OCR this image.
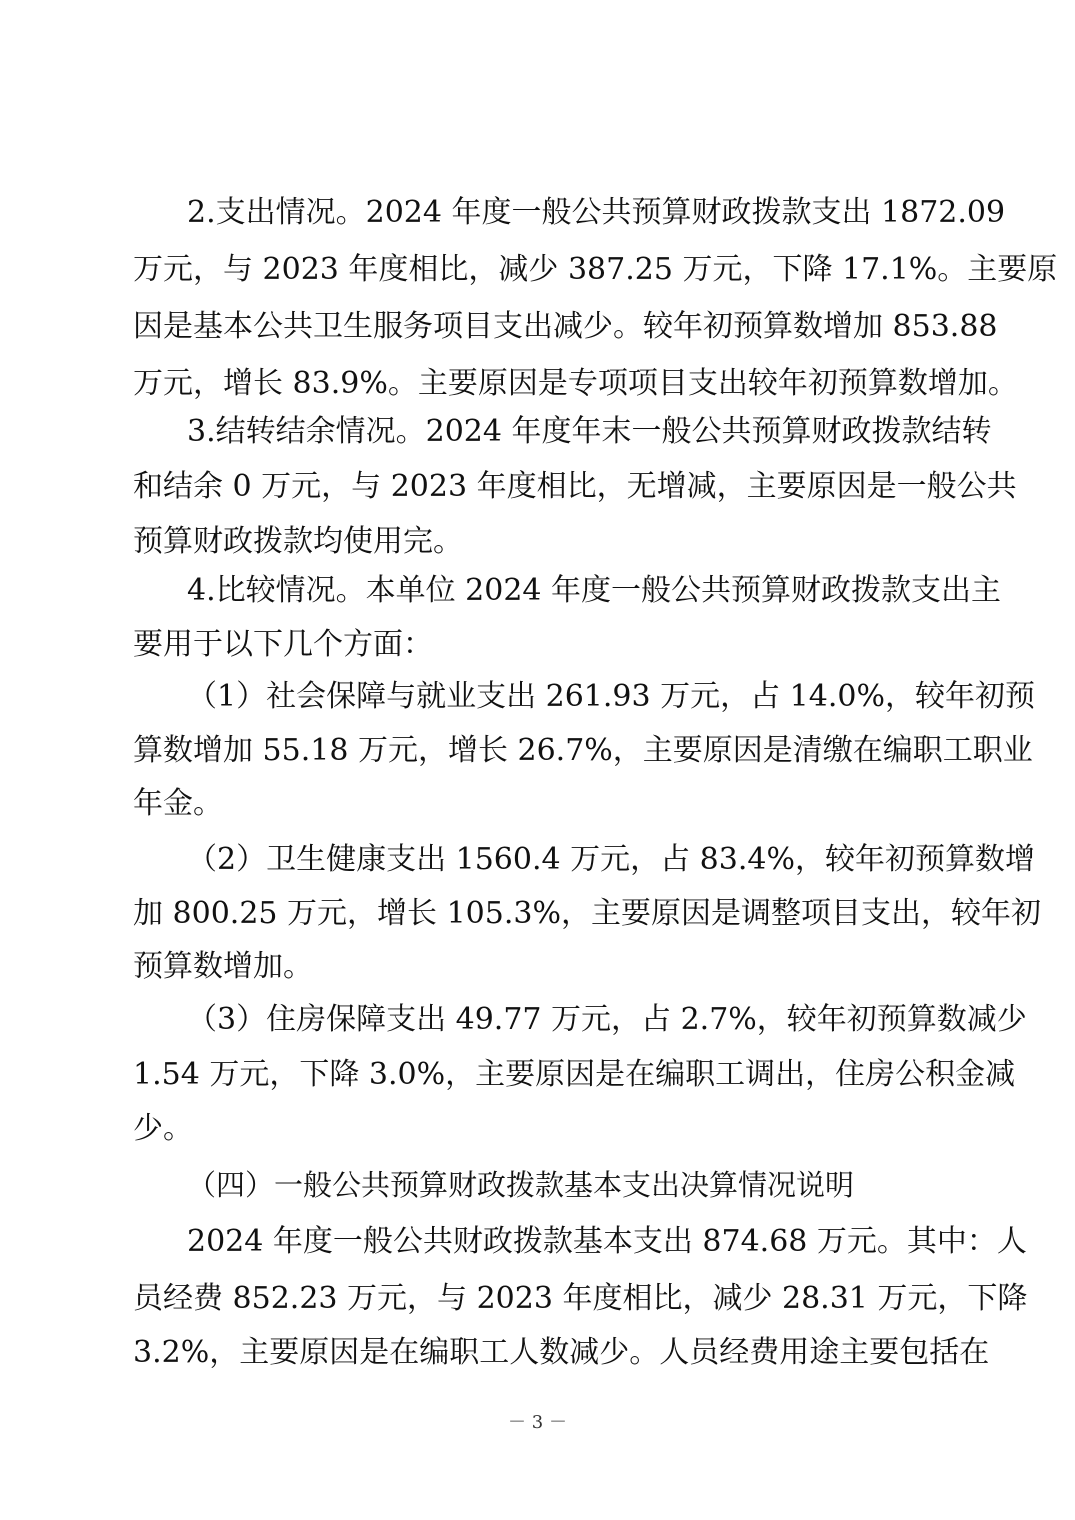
2.支出情况。2024 年度一般公共预算财政拨款支出 1872.09

万元，与 2023 年度相比，减少 387.25 万元，下降 17.1%。主要原

因是基本公共卫生服务项目支出减少。较年初预算数增加 853.88

万元，增长 83.9%。主要原因是专项项目支出较年初预算数增加。

3.结转结余情况。2024 年度年末一般公共预算财政拨款结转

和结余 0 万元，与 2023 年度相比，无增减，主要原因是一般公共

预算财政拨款均使用完。

4.比较情况。本单位 2024 年度一般公共预算财政拨款支出主

要用于以下几个方面：

（1）社会保障与就业支出 261.93 万元，占 14.0%，较年初预

算数增加 55.18 万元，增长 26.7%，主要原因是清缴在编职工职业

年金。

（2）卫生健康支出 1560.4 万元，占 83.4%，较年初预算数增

加 800.25 万元，增长 105.3%，主要原因是调整项目支出，较年初

预算数增加。

（3）住房保障支出 49.77 万元，占 2.7%，较年初预算数减少

1.54 万元，下降 3.0%，主要原因是在编职工调出，住房公积金减

少。

（四）一般公共预算财政拨款基本支出决算情况说明

2024 年度一般公共财政拨款基本支出 874.68 万元。其中：人

员经费 852.23 万元，与 2023 年度相比，减少 28.31 万元，下降

3.2%，主要原因是在编职工人数减少。人员经费用途主要包括在

－ 3 －
